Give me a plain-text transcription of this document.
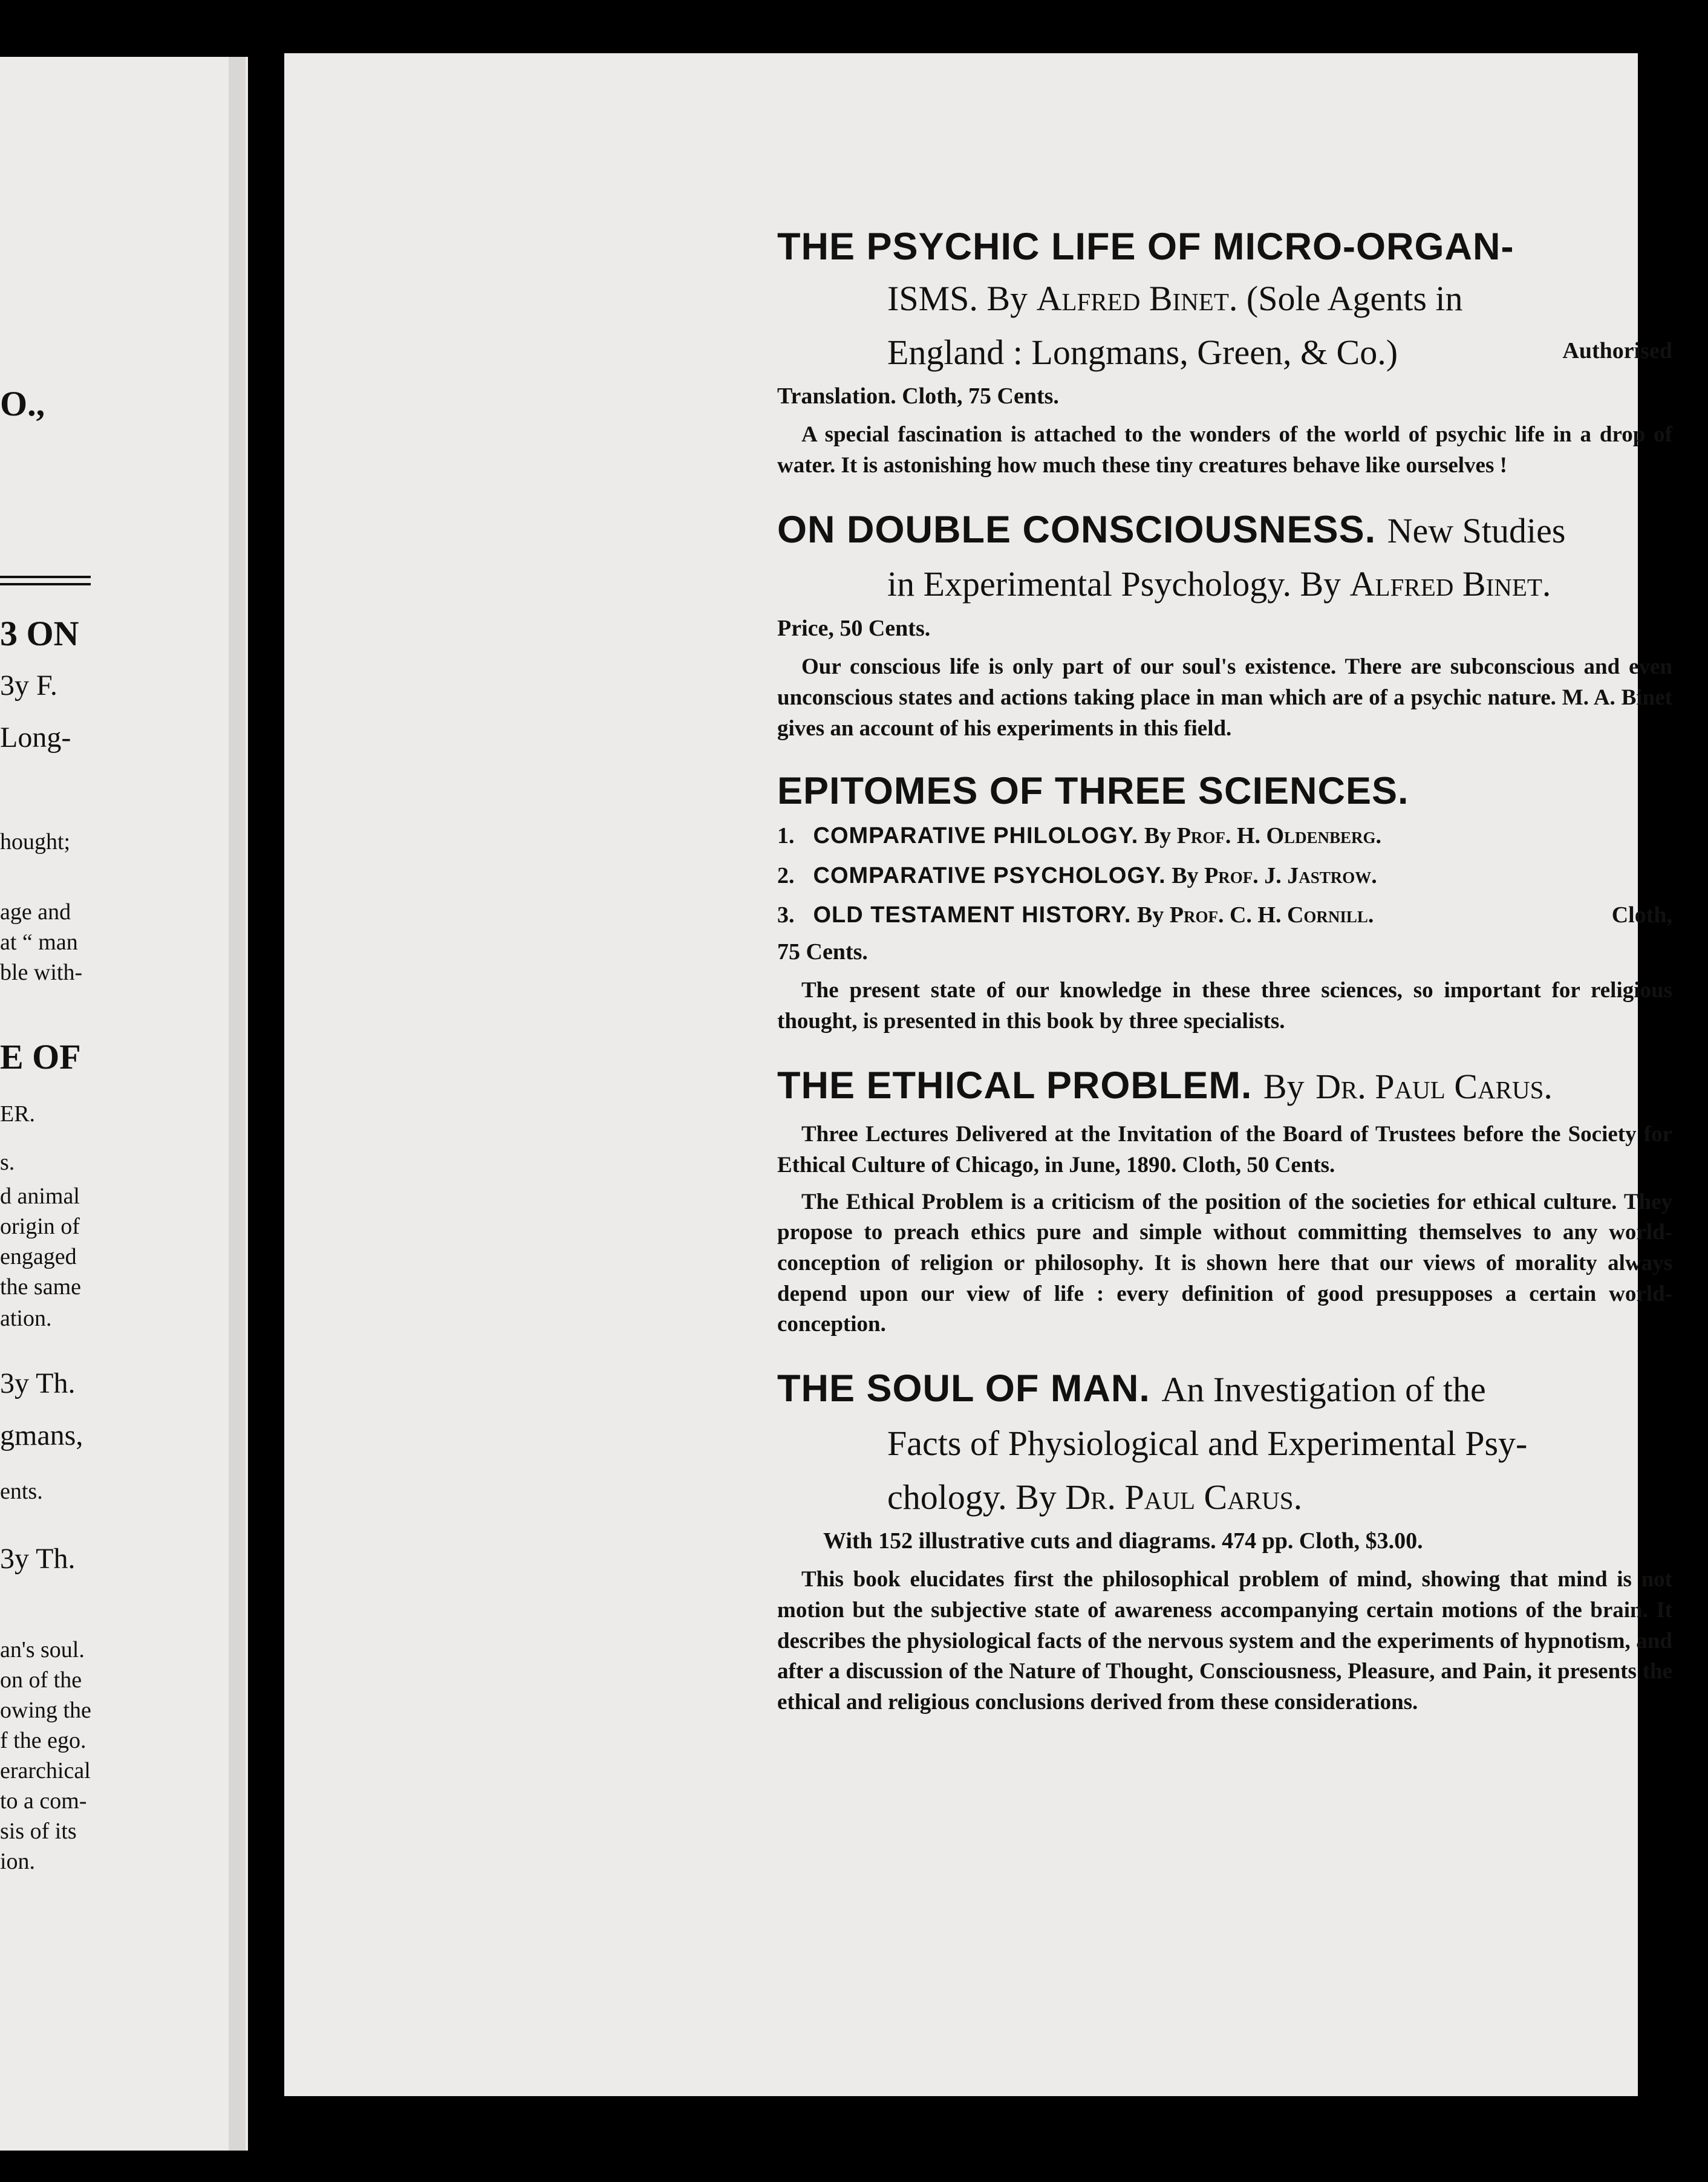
O.,
3 ON
3y F.
Long-
hought;
age and
at “ man
ble with-
E OF
ER.
s.
d animal
origin of
engaged
the same
ation.
3y Th.
gmans,
ents.
3y Th.
an's soul.
on of the
owing the
f the ego.
erarchical
to a com-
sis of its
ion.

THE PSYCHIC LIFE OF MICRO-ORGAN-

ISMS. By Alfred Binet. (Sole Agents in

England : Longmans, Green, & Co.)	Authorised

Translation. Cloth, 75 Cents.

A special fascination is attached to the wonders of the world of psychic life in a drop of water. It is astonishing how much these tiny creatures behave like ourselves !

ON DOUBLE CONSCIOUSNESS. New Studies

in Experimental Psychology. By Alfred Binet.

Price, 50 Cents.

Our conscious life is only part of our soul's existence. There are subconscious and even unconscious states and actions taking place in man which are of a psychic nature. M. A. Binet gives an account of his experiments in this field.

EPITOMES OF THREE SCIENCES.

1. COMPARATIVE PHILOLOGY. By Prof. H. Oldenberg.

2. COMPARATIVE PSYCHOLOGY. By Prof. J. Jastrow.

3. OLD TESTAMENT HISTORY. By Prof. C. H. Cornill.	Cloth,

75 Cents.

The present state of our knowledge in these three sciences, so important for religious thought, is presented in this book by three specialists.

THE ETHICAL PROBLEM. By Dr. Paul Carus.

Three Lectures Delivered at the Invitation of the Board of Trustees before the Society for Ethical Culture of Chicago, in June, 1890. Cloth, 50 Cents.

The Ethical Problem is a criticism of the position of the societies for ethical culture. They propose to preach ethics pure and simple without committing themselves to any world-conception of religion or philosophy. It is shown here that our views of morality always depend upon our view of life : every definition of good presupposes a certain world-conception.

THE SOUL OF MAN. An Investigation of the

Facts of Physiological and Experimental Psy-

chology. By Dr. Paul Carus.

With 152 illustrative cuts and diagrams. 474 pp. Cloth, $3.00.

This book elucidates first the philosophical problem of mind, showing that mind is not motion but the subjective state of awareness accompanying certain motions of the brain. It describes the physiological facts of the nervous system and the experiments of hypnotism, and after a discussion of the Nature of Thought, Consciousness, Pleasure, and Pain, it presents the ethical and religious conclusions derived from these considerations.
